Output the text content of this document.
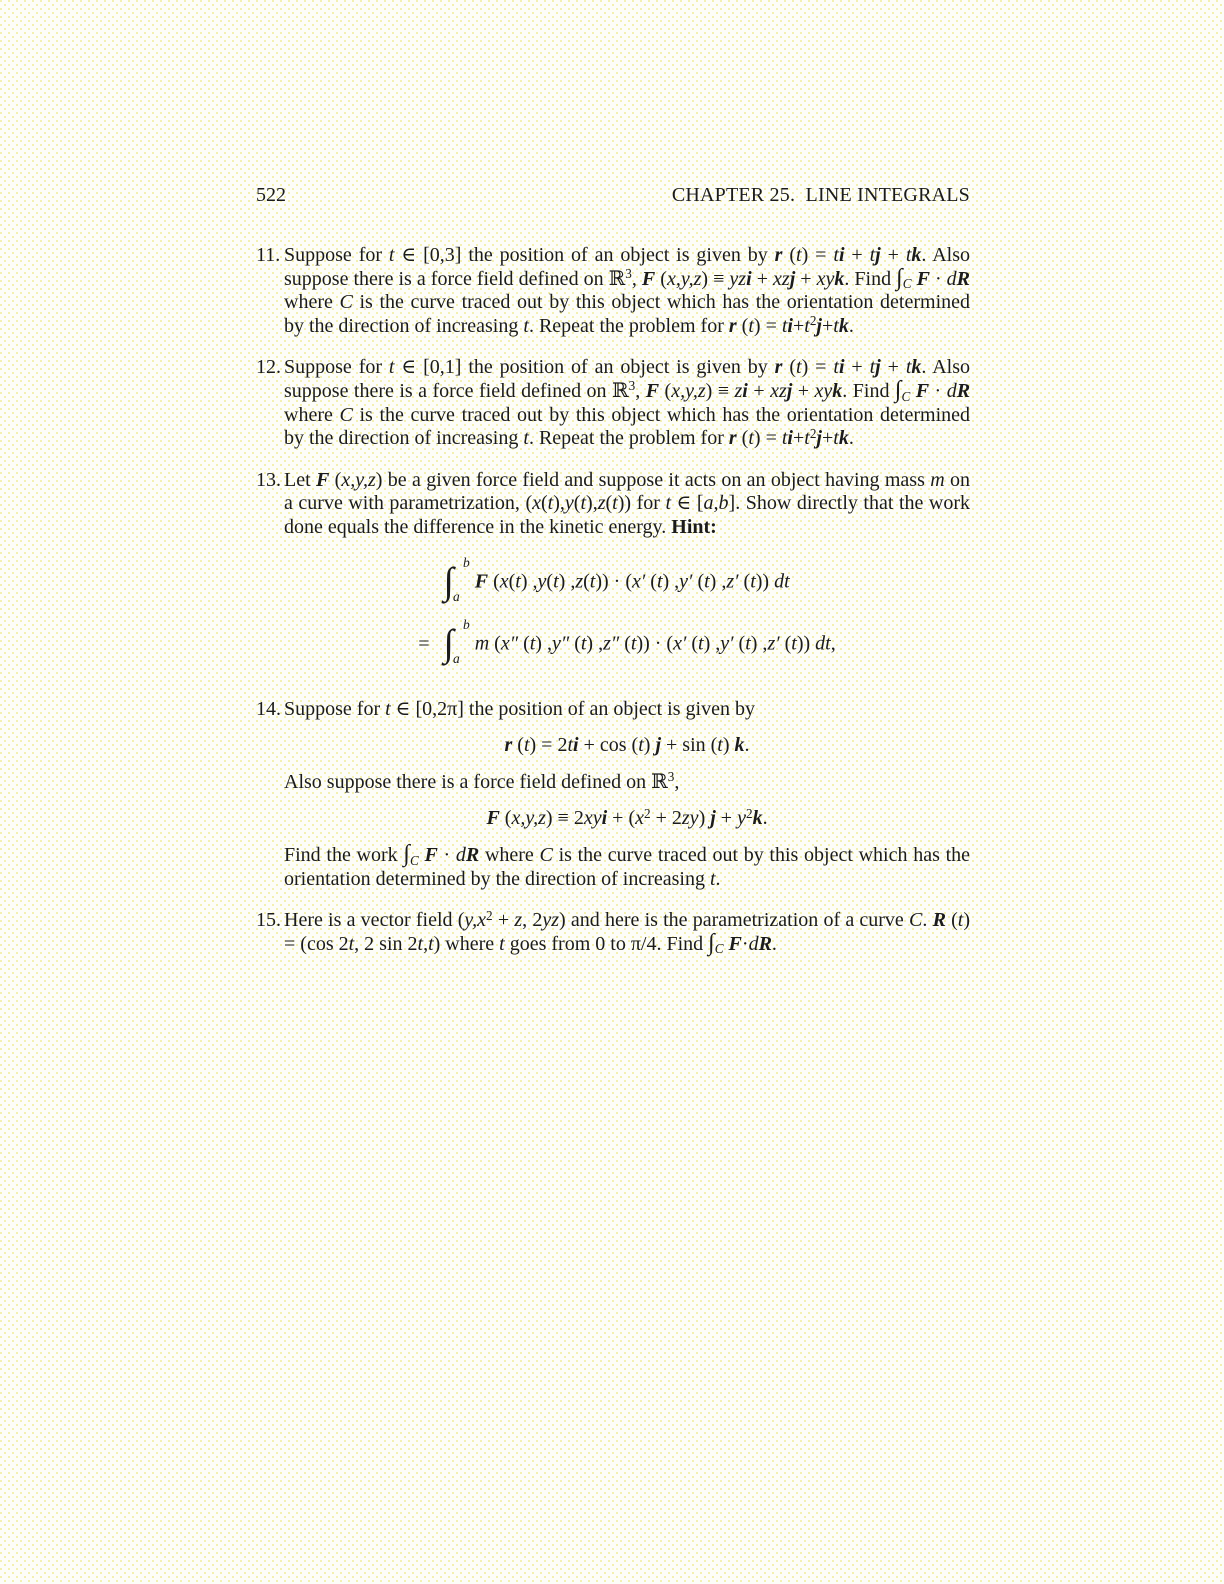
522	CHAPTER 25.  LINE INTEGRALS
11. Suppose for t ∈ [0,3] the position of an object is given by r (t) = ti + tj + tk. Also suppose there is a force field defined on ℝ$^3$, F (x,y,z) ≡ yzi + xzj + xyk. Find ∫C F · dR where C is the curve traced out by this object which has the orientation determined by the direction of increasing t. Repeat the problem for r $(t) = ti+t^2j+tk$.

12. Suppose for t ∈ [0,1] the position of an object is given by r (t) = ti + tj + tk. Also suppose there is a force field defined on ℝ$^3$, F (x,y,z) ≡ zi + xzj + xyk. Find ∫C F · dR where C is the curve traced out by this object which has the orientation determined by the direction of increasing t. Repeat the problem for r $(t) = ti+t^2j+tk$.

13. Let F (x,y,z) be a given force field and suppose it acts on an object having mass m on a curve with parametrization, (x(t),y(t),z(t)) for t ∈ [a,b]. Show directly that the work done equals the difference in the kinetic energy. Hint:

	∫ b
a
F (x(t) ,y(t) ,z(t)) · (x′ (t) ,y′ (t) ,z′ (t)) dt
=	∫ b
a
m (x″ (t) ,y″ (t) ,z″ (t)) · (x′ (t) ,y′ (t) ,z′ (t)) dt,
14. Suppose for t ∈ [0,2π] the position of an object is given by

r (t) = 2ti + cos (t) j + sin (t) k.

Also suppose there is a force field defined on ℝ$^3$,

F $(x,y,z) \equiv 2xyi + (x^2 + 2zy) j + y^2k$.

Find the work ∫C F · dR where C is the curve traced out by this object which has the orientation determined by the direction of increasing t.

15. Here is a vector field ($y,x^2 + z$, 2yz) and here is the parametrization of a curve C. R (t) = (cos 2t, 2 sin 2t,t) where t goes from 0 to π/4. Find ∫C F·dR.
